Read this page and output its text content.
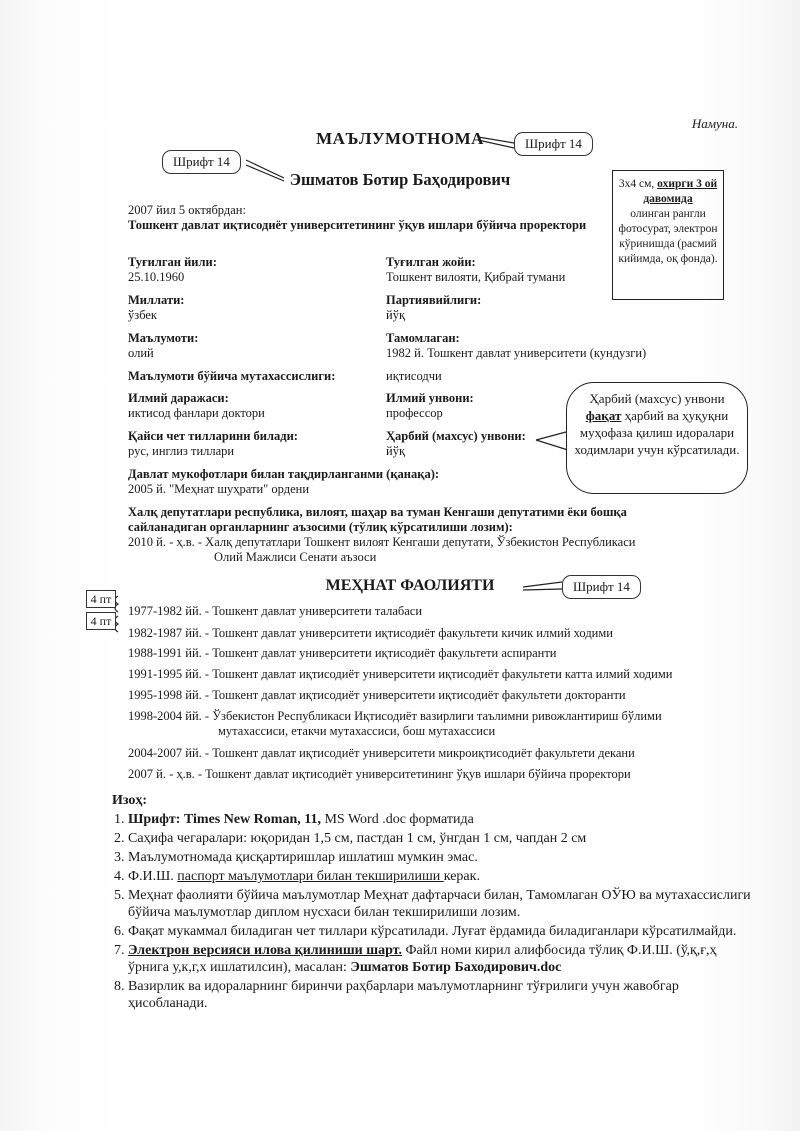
Намуна.
МАЪЛУМОТНОМА	Шрифт 14
Шрифт 14
Эшматов Ботир Баҳодирович	3x4 см, охирги 3 ой давомида
олинган рангли фотосурат, электрон кўринишда (расмий кийимда, оқ фонда).
2007 йил 5 октябрдан:
Тошкент давлат иқтисодиёт университетининг ўқув ишлари бўйича проректори
Туғилган йили:
25.10.1960
Туғилган жойи:
Тошкент вилояти, Қибрай тумани
Миллати:
ўзбек
Партиявийлиги:
йўқ
Маълумоти:
олий
Тамомлаган:
1982 й. Тошкент давлат университети (кундузги)
Маълумоти бўйича мутахассислиги:	иқтисодчи
Илмий даражаси:
иктисод фанлари доктори
Илмий унвони:
профессор
Қайси чет тилларини билади:
рус, инглиз тиллари
Ҳарбий (махсус) унвони:
йўқ
Ҳарбий (махсус) унвони
фақат ҳарбий ва ҳуқуқни муҳофаза қилиш идоралари ходимлари учун кўрсатилади.
Давлат мукофотлари билан тақдирланганми (қанақа):
2005 й. "Меҳнат шуҳрати" ордени
Халқ депутатлари республика, вилоят, шаҳар ва туман Кенгаши депутатими ёки бошқа сайланадиган органларнинг аъзосими (тўлиқ кўрсатилиши лозим):
2010 й. - ҳ.в. - Халқ депутатлари Тошкент вилоят Кенгаши депутати, Ўзбекистон Республикаси
Олий Мажлиси Сенати аъзоси
МЕҲНАТ ФАОЛИЯТИ	Шрифт 14
4 пт
4 пт
1977-1982 йй. - Тошкент давлат университети талабаси
1982-1987 йй. - Тошкент давлат университети иқтисодиёт факультети кичик илмий ходими
1988-1991 йй. - Тошкент давлат университети иқтисодиёт факультети аспиранти
1991-1995 йй. - Тошкент давлат иқтисодиёт университети иқтисодиёт факультети катта илмий ходими
1995-1998 йй. - Тошкент давлат иқтисодиёт университети иқтисодиёт факультети докторанти
1998-2004 йй. - Ўзбекистон Республикаси Иқтисодиёт вазирлиги таълимни ривожлантириш бўлими
мутахассиси, етакчи мутахассиси, бош мутахассиси
2004-2007 йй. - Тошкент давлат иқтисодиёт университети микроиқтисодиёт факультети декани
2007 й. - ҳ.в. - Тошкент давлат иқтисодиёт университетининг ўқув ишлари бўйича проректори
Изоҳ:
1. Шрифт: Times New Roman, 11, MS Word .doc форматида
2. Саҳифа чегаралари: юқоридан 1,5 см, пастдан 1 см, ўнгдан 1 см, чапдан 2 см
3. Маълумотномада қисқартиришлар ишлатиш мумкин эмас.
4. Ф.И.Ш. паспорт маълумотлари билан текширилиши керак.
5. Меҳнат фаолияти бўйича маълумотлар Меҳнат дафтарчаси билан, Тамомлаган ОЎЮ ва мутахассислиги бўйича маълумотлар диплом нусхаси билан текширилиши лозим.
6. Фақат мукаммал биладиган чет тиллари кўрсатилади. Луғат ёрдамида биладиганлари кўрсатилмайди.
7. Электрон версияси илова қилиниши шарт. Файл номи кирил алифбосида тўлиқ Ф.И.Ш. (ў,қ,ғ,ҳ ўрнига у,к,г,х ишлатилсин), масалан: Эшматов Ботир Баходирович.doc
8. Вазирлик ва идораларнинг биринчи раҳбарлари маълумотларнинг тўғрилиги учун жавобгар ҳисобланади.
